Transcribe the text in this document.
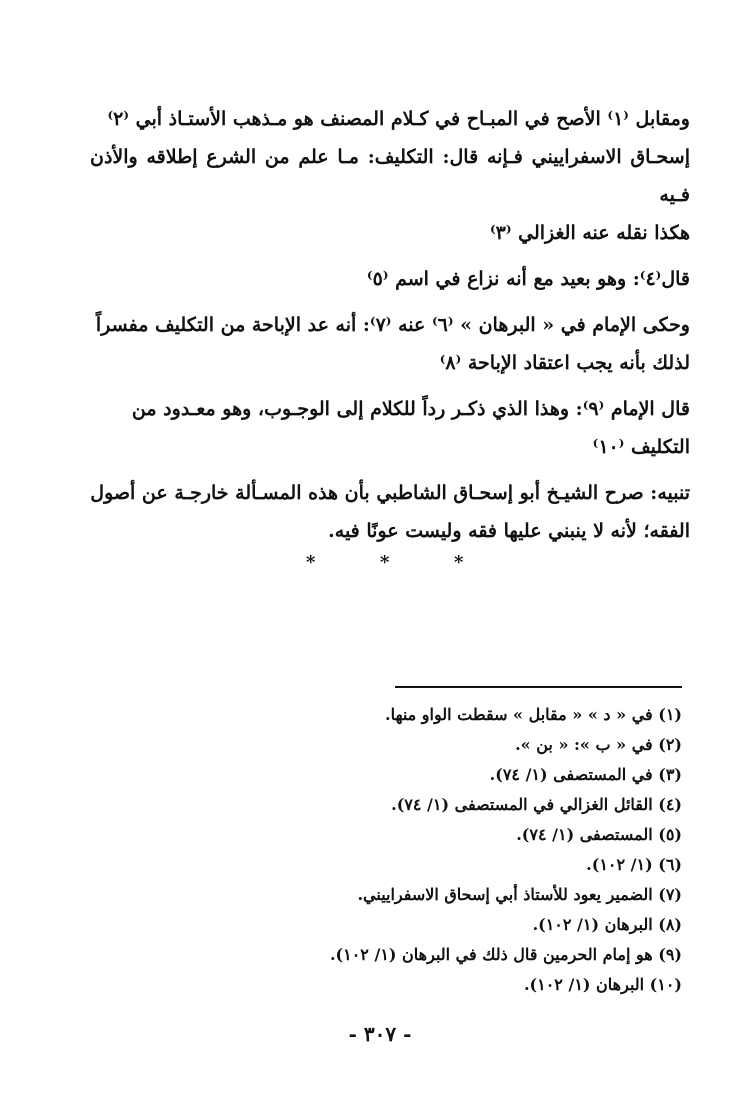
ومقابل ⁽١⁾ الأصح في المبـاح في كـلام المصنف هو مـذهب الأستـاذ أبي ⁽٢⁾
إسحـاق الاسفراييني فـإنه قال: التكليف: مـا علم من الشرع إطلاقه والأذن فـيه
هكذا نقله عنه الغزالي ⁽٣⁾

قال⁽٤⁾: وهو بعيد مع أنه نزاع في اسم ⁽٥⁾

وحكى الإمام في « البرهان » ⁽٦⁾ عنه ⁽٧⁾: أنه عد الإباحة من التكليف مفسراً
لذلك بأنه يجب اعتقاد الإباحة ⁽٨⁾

قال الإمام ⁽٩⁾: وهذا الذي ذكـر رداً للكلام إلى الوجـوب، وهو معـدود من
التكليف ⁽١٠⁾

تنبيه: صرح الشيـخ أبو إسحـاق الشاطبي بأن هذه المسـألة خارجـة عن أصول
الفقه؛ لأنه لا ينبني عليها فقه وليست عونًا فيه.

*	*	*
(١) في « د » « مقابل » سقطت الواو منها.
(٢) في « ب »: « بن ».
(٣) في المستصفى (١/ ٧٤).
(٤) القائل الغزالي في المستصفى (١/ ٧٤).
(٥) المستصفى (١/ ٧٤).
(٦) (١/ ١٠٢).
(٧) الضمير يعود للأستاذ أبي إسحاق الاسفراييني.
(٨) البرهان (١/ ١٠٢).
(٩) هو إمام الحرمين قال ذلك في البرهان (١/ ١٠٢).
(١٠) البرهان (١/ ١٠٢).
- ٣٠٧ -
